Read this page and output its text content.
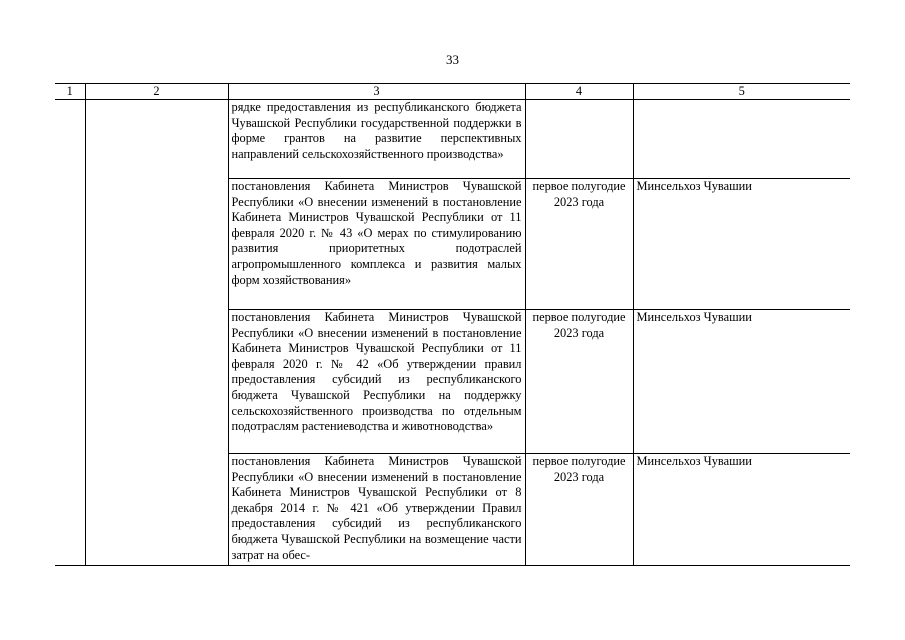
33
1	2	3	4	5
		рядке предоставления из республиканского бюджета Чувашской Республики государственной поддержки в форме грантов на развитие перспективных направлений сельскохозяйственного производства»		
		постановления Кабинета Министров Чувашской Республики «О внесении изменений в постановление Кабинета Министров Чувашской Республики от 11 февраля 2020 г. № 43 «О мерах по стимулированию развития приоритетных подотраслей агропромышленного комплекса и развития малых форм хозяйствования»	первое полугодие 2023 года	Минсельхоз Чувашии
		постановления Кабинета Министров Чувашской Республики «О внесении изменений в постановление Кабинета Министров Чувашской Республики от 11 февраля 2020 г. № 42 «Об утверждении правил предоставления субсидий из республиканского бюджета Чувашской Республики на поддержку сельскохозяйственного производства по отдельным подотраслям растениеводства и животноводства»	первое полугодие 2023 года	Минсельхоз Чувашии
		постановления Кабинета Министров Чувашской Республики «О внесении изменений в постановление Кабинета Министров Чувашской Республики от 8 декабря 2014 г. № 421 «Об утверждении Правил предоставления субсидий из республиканского бюджета Чувашской Республики на возмещение части затрат на обес-	первое полугодие 2023 года	Минсельхоз Чувашии
